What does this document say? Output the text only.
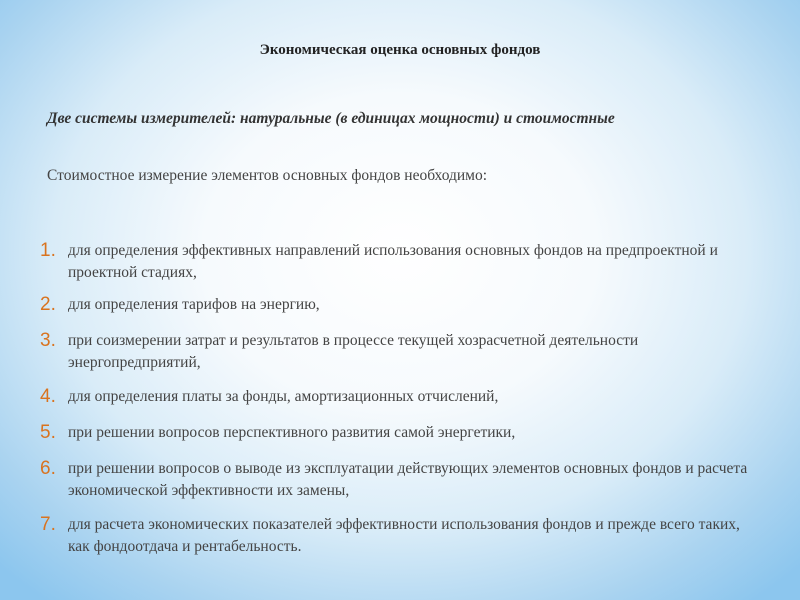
Экономическая оценка основных фондов
Две системы измерителей: натуральные (в единицах мощности) и стоимостные
Стоимостное измерение элементов основных фондов необходимо:
1. для определения эффективных направлений использования основных фондов на предпроектной и проектной стадиях,
2. для определения тарифов на энергию,
3. при соизмерении затрат и результатов в процессе текущей хозрасчетной деятельности энергопредприятий,
4. для определения платы за фонды, амортизационных отчислений,
5. при решении вопросов перспективного развития самой энергетики,
6. при решении вопросов о выводе из эксплуатации действующих элементов основных фондов и расчета экономической эффективности их замены,
7. для расчета экономических показателей эффективности использования фондов и прежде всего таких, как фондоотдача и рентабельность.
